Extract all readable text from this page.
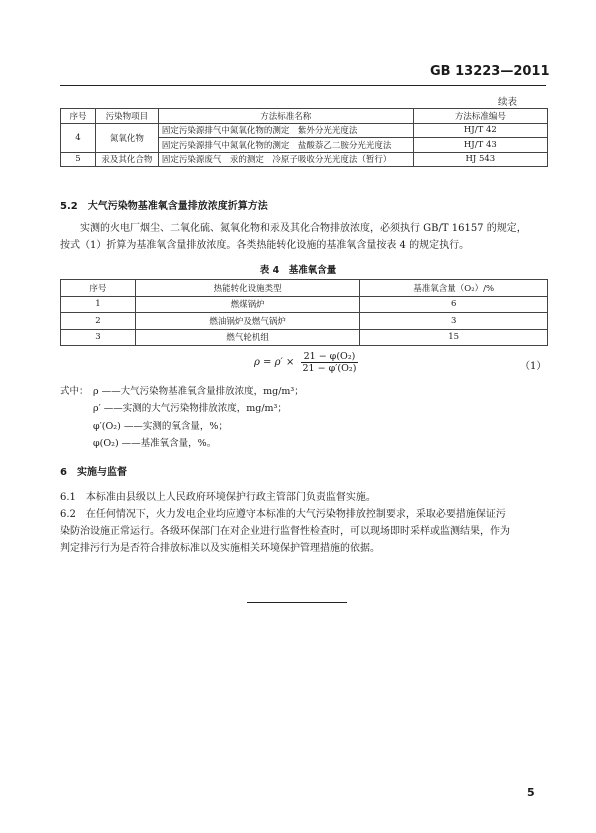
GB 13223—2011
续表
序号	污染物项目	方法标准名称	方法标准编号
4	氮氧化物	固定污染源排气中氮氧化物的测定　紫外分光光度法	HJ/T 42
		固定污染源排气中氮氧化物的测定　盐酸萘乙二胺分光光度法	HJ/T 43
5	汞及其化合物	固定污染源废气　汞的测定　冷原子吸收分光光度法（暂行）	HJ 543
5.2　大气污染物基准氧含量排放浓度折算方法
实测的火电厂烟尘、二氧化硫、氮氧化物和汞及其化合物排放浓度，必须执行 GB/T 16157 的规定，
按式（1）折算为基准氧含量排放浓度。各类热能转化设施的基准氧含量按表 4 的规定执行。
表 4　基准氧含量
序号	热能转化设施类型	基准氧含量（O₂）/%
1	燃煤锅炉	6
2	燃油锅炉及燃气锅炉	3
3	燃气轮机组	15
$\rho = \rho' \times \frac{\text{21 − φ(O₂)}}{\text{21 − φ′(O₂)}}$	（1）
式中： ρ ——大气污染物基准氧含量排放浓度，mg/m³；
ρ′ ——实测的大气污染物排放浓度，mg/m³；
φ′(O₂) ——实测的氧含量，%；
φ(O₂) ——基准氧含量，%。
6　实施与监督
6.1　本标准由县级以上人民政府环境保护行政主管部门负责监督实施。
6.2　在任何情况下，火力发电企业均应遵守本标准的大气污染物排放控制要求，采取必要措施保证污
染防治设施正常运行。各级环保部门在对企业进行监督性检查时，可以现场即时采样或监测结果，作为
判定排污行为是否符合排放标准以及实施相关环境保护管理措施的依据。
5
